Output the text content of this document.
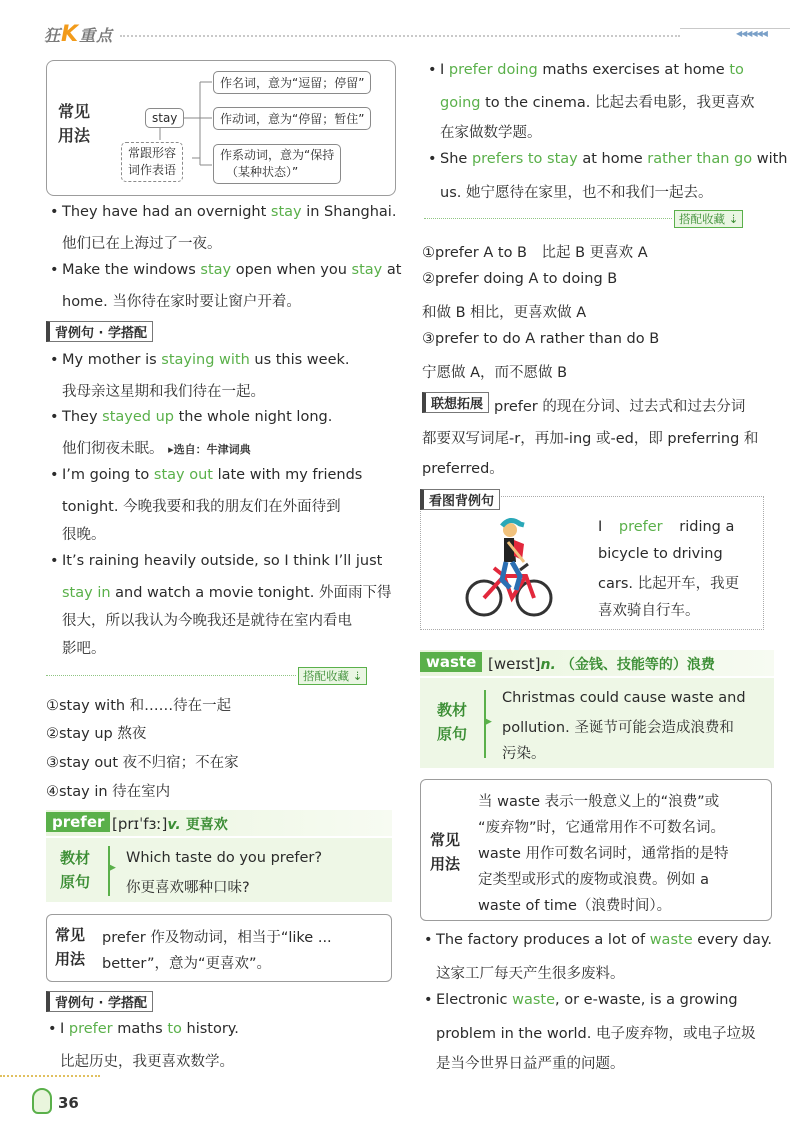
狂K重点	◀◀◀◀◀◀
常见
用法
stay
作名词，意为“逗留；停留”
作动词，意为“停留；暂住”
作系动词，意为“保持
（某种状态）”
常跟形容
词作表语
• They have had an overnight stay in Shanghai.
他们已在上海过了一夜。
• Make the windows stay open when you stay at
home. 当你待在家时要让窗户开着。
背例句 · 学搭配
• My mother is staying with us this week.
我母亲这星期和我们待在一起。
• They stayed up the whole night long.
他们彻夜未眠。 ▸选自：牛津词典
• I’m going to stay out late with my friends
tonight. 今晚我要和我的朋友们在外面待到
很晚。
• It’s raining heavily outside, so I think I’ll just
stay in and watch a movie tonight. 外面雨下得
很大，所以我认为今晚我还是就待在室内看电
影吧。
搭配收藏 ⇣
①stay with 和……待在一起
②stay up 熬夜
③stay out 夜不归宿；不在家
④stay in 待在室内
prefer [prɪˈfɜː]v. 更喜欢
教材
原句
▶
Which taste do you prefer?
你更喜欢哪种口味?
常见
用法
prefer 作及物动词，相当于“like ...
better”，意为“更喜欢”。
背例句 · 学搭配
• I prefer maths to history.
比起历史，我更喜欢数学。
36
• I prefer doing maths exercises at home to
going to the cinema. 比起去看电影，我更喜欢
在家做数学题。
• She prefers to stay at home rather than go with
us. 她宁愿待在家里，也不和我们一起去。
搭配收藏 ⇣
①prefer A to B　比起 B 更喜欢 A
②prefer doing A to doing B
和做 B 相比，更喜欢做 A
③prefer to do A rather than do B
宁愿做 A，而不愿做 B
联想拓展 prefer 的现在分词、过去式和过去分词
都要双写词尾-r，再加-ing 或-ed，即 preferring 和
preferred。
看图背例句
I prefer riding a
bicycle to driving
cars. 比起开车，我更
喜欢骑自行车。
waste [weɪst]n. （金钱、技能等的）浪费
教材
原句
▶
Christmas could cause waste and
pollution. 圣诞节可能会造成浪费和
污染。
常见
用法
当 waste 表示一般意义上的“浪费”或
“废弃物”时，它通常用作不可数名词。
waste 用作可数名词时，通常指的是特
定类型或形式的废物或浪费。例如 a
waste of time（浪费时间）。
• The factory produces a lot of waste every day.
这家工厂每天产生很多废料。
• Electronic waste, or e-waste, is a growing
problem in the world. 电子废弃物，或电子垃圾
是当今世界日益严重的问题。
